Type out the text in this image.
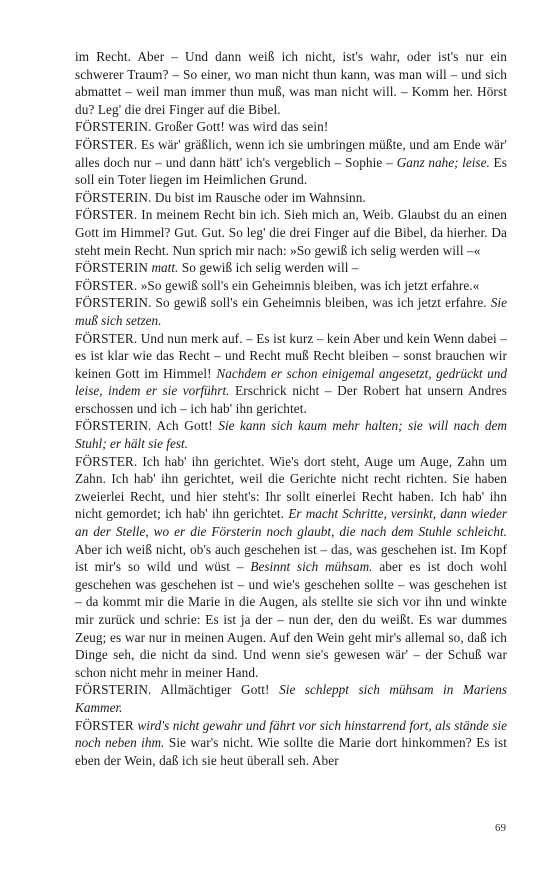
im Recht. Aber – Und dann weiß ich nicht, ist's wahr, oder ist's nur ein schwerer Traum? – So einer, wo man nicht thun kann, was man will – und sich abmattet – weil man immer thun muß, was man nicht will. – Komm her. Hörst du? Leg' die drei Finger auf die Bibel.
FÖRSTERIN. Großer Gott! was wird das sein!
FÖRSTER. Es wär' gräßlich, wenn ich sie umbringen müßte, und am Ende wär' alles doch nur – und dann hätt' ich's vergeblich – Sophie – Ganz nahe; leise. Es soll ein Toter liegen im Heimlichen Grund.
FÖRSTERIN. Du bist im Rausche oder im Wahnsinn.
FÖRSTER. In meinem Recht bin ich. Sieh mich an, Weib. Glaubst du an einen Gott im Himmel? Gut. Gut. So leg' die drei Finger auf die Bibel, da hierher. Da steht mein Recht. Nun sprich mir nach: »So gewiß ich selig werden will –«
FÖRSTERIN matt. So gewiß ich selig werden will –
FÖRSTER. »So gewiß soll's ein Geheimnis bleiben, was ich jetzt erfahre.«
FÖRSTERIN. So gewiß soll's ein Geheimnis bleiben, was ich jetzt erfahre. Sie muß sich setzen.
FÖRSTER. Und nun merk auf. – Es ist kurz – kein Aber und kein Wenn dabei – es ist klar wie das Recht – und Recht muß Recht bleiben – sonst brauchen wir keinen Gott im Himmel! Nachdem er schon einigemal angesetzt, gedrückt und leise, indem er sie vorführt. Erschrick nicht – Der Robert hat unsern Andres erschossen und ich – ich hab' ihn gerichtet.
FÖRSTERIN. Ach Gott! Sie kann sich kaum mehr halten; sie will nach dem Stuhl; er hält sie fest.
FÖRSTER. Ich hab' ihn gerichtet. Wie's dort steht, Auge um Auge, Zahn um Zahn. Ich hab' ihn gerichtet, weil die Gerichte nicht recht richten. Sie haben zweierlei Recht, und hier steht's: Ihr sollt einerlei Recht haben. Ich hab' ihn nicht gemordet; ich hab' ihn gerichtet. Er macht Schritte, versinkt, dann wieder an der Stelle, wo er die Försterin noch glaubt, die nach dem Stuhle schleicht. Aber ich weiß nicht, ob's auch geschehen ist – das, was geschehen ist. Im Kopf ist mir's so wild und wüst – Besinnt sich mühsam. aber es ist doch wohl geschehen was geschehen ist – und wie's geschehen sollte – was geschehen ist – da kommt mir die Marie in die Augen, als stellte sie sich vor ihn und winkte mir zurück und schrie: Es ist ja der – nun der, den du weißt. Es war dummes Zeug; es war nur in meinen Augen. Auf den Wein geht mir's allemal so, daß ich Dinge seh, die nicht da sind. Und wenn sie's gewesen wär' – der Schuß war schon nicht mehr in meiner Hand.
FÖRSTERIN. Allmächtiger Gott! Sie schleppt sich mühsam in Mariens Kammer.
FÖRSTER wird's nicht gewahr und fährt vor sich hinstarrend fort, als stände sie noch neben ihm. Sie war's nicht. Wie sollte die Marie dort hinkommen? Es ist eben der Wein, daß ich sie heut überall seh. Aber
69
